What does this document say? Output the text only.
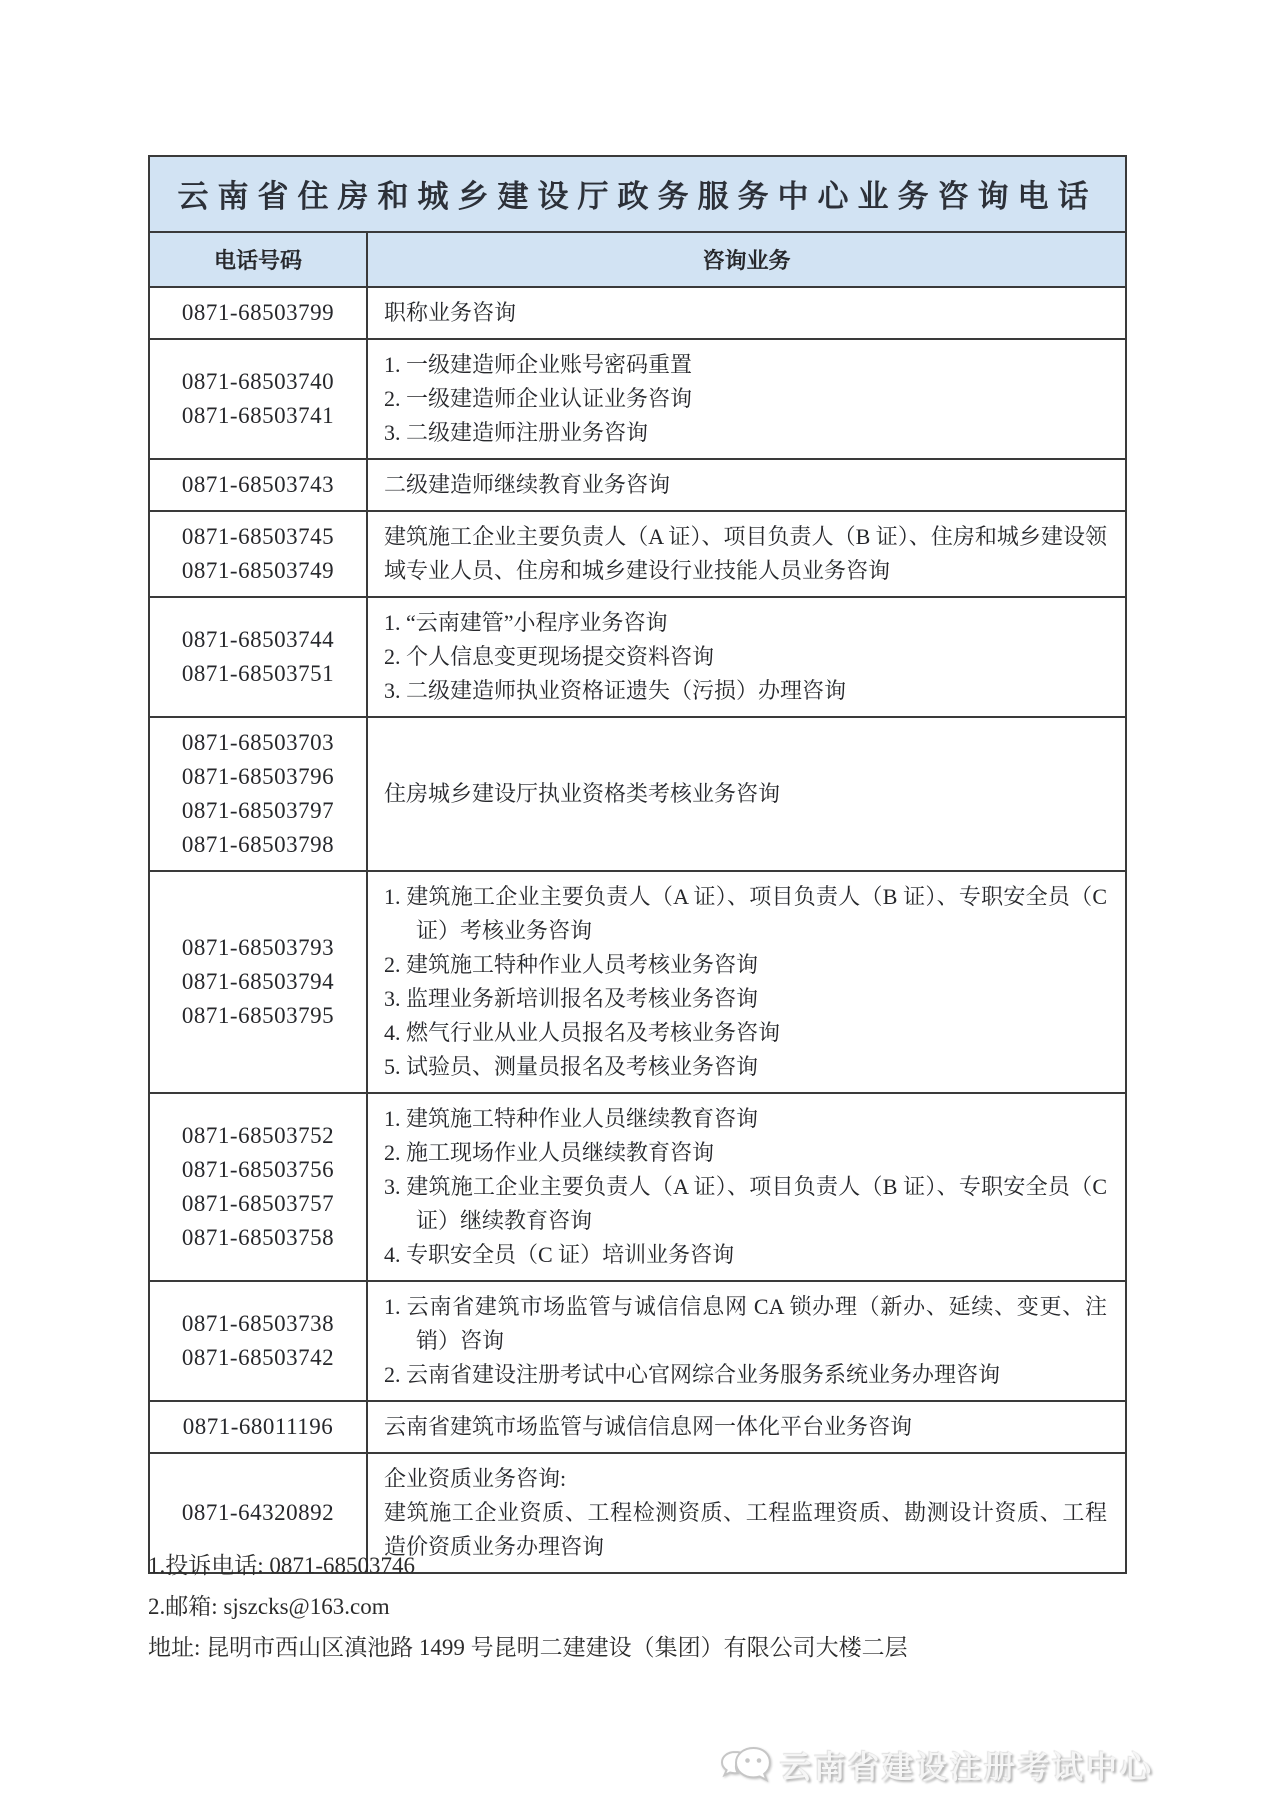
云南省住房和城乡建设厅政务服务中心业务咨询电话
电话号码	咨询业务
0871-68503799 职称业务咨询
0871-68503740
0871-68503741
1. 一级建造师企业账号密码重置
2. 一级建造师企业认证业务咨询
3. 二级建造师注册业务咨询
0871-68503743 二级建造师继续教育业务咨询
0871-68503745
0871-68503749
建筑施工企业主要负责人（A 证）、项目负责人（B 证）、住房和城乡建设领域专业人员、住房和城乡建设行业技能人员业务咨询
0871-68503744
0871-68503751
1. “云南建管”小程序业务咨询
2. 个人信息变更现场提交资料咨询
3. 二级建造师执业资格证遗失（污损）办理咨询
0871-68503703
0871-68503796
0871-68503797
0871-68503798
住房城乡建设厅执业资格类考核业务咨询
0871-68503793
0871-68503794
0871-68503795
1. 建筑施工企业主要负责人（A 证）、项目负责人（B 证）、专职安全员（C 证）考核业务咨询
2. 建筑施工特种作业人员考核业务咨询
3. 监理业务新培训报名及考核业务咨询
4. 燃气行业从业人员报名及考核业务咨询
5. 试验员、测量员报名及考核业务咨询
0871-68503752
0871-68503756
0871-68503757
0871-68503758
1. 建筑施工特种作业人员继续教育咨询
2. 施工现场作业人员继续教育咨询
3. 建筑施工企业主要负责人（A 证）、项目负责人（B 证）、专职安全员（C 证）继续教育咨询
4. 专职安全员（C 证）培训业务咨询
0871-68503738
0871-68503742
1. 云南省建筑市场监管与诚信信息网 CA 锁办理（新办、延续、变更、注销）咨询
2. 云南省建设注册考试中心官网综合业务服务系统业务办理咨询
0871-68011196 云南省建筑市场监管与诚信信息网一体化平台业务咨询
0871-64320892
企业资质业务咨询:
建筑施工企业资质、工程检测资质、工程监理资质、勘测设计资质、工程造价资质业务办理咨询
1.投诉电话: 0871-68503746
2.邮箱: sjszcks@163.com
地址: 昆明市西山区滇池路 1499 号昆明二建建设（集团）有限公司大楼二层
云南省建设注册考试中心
